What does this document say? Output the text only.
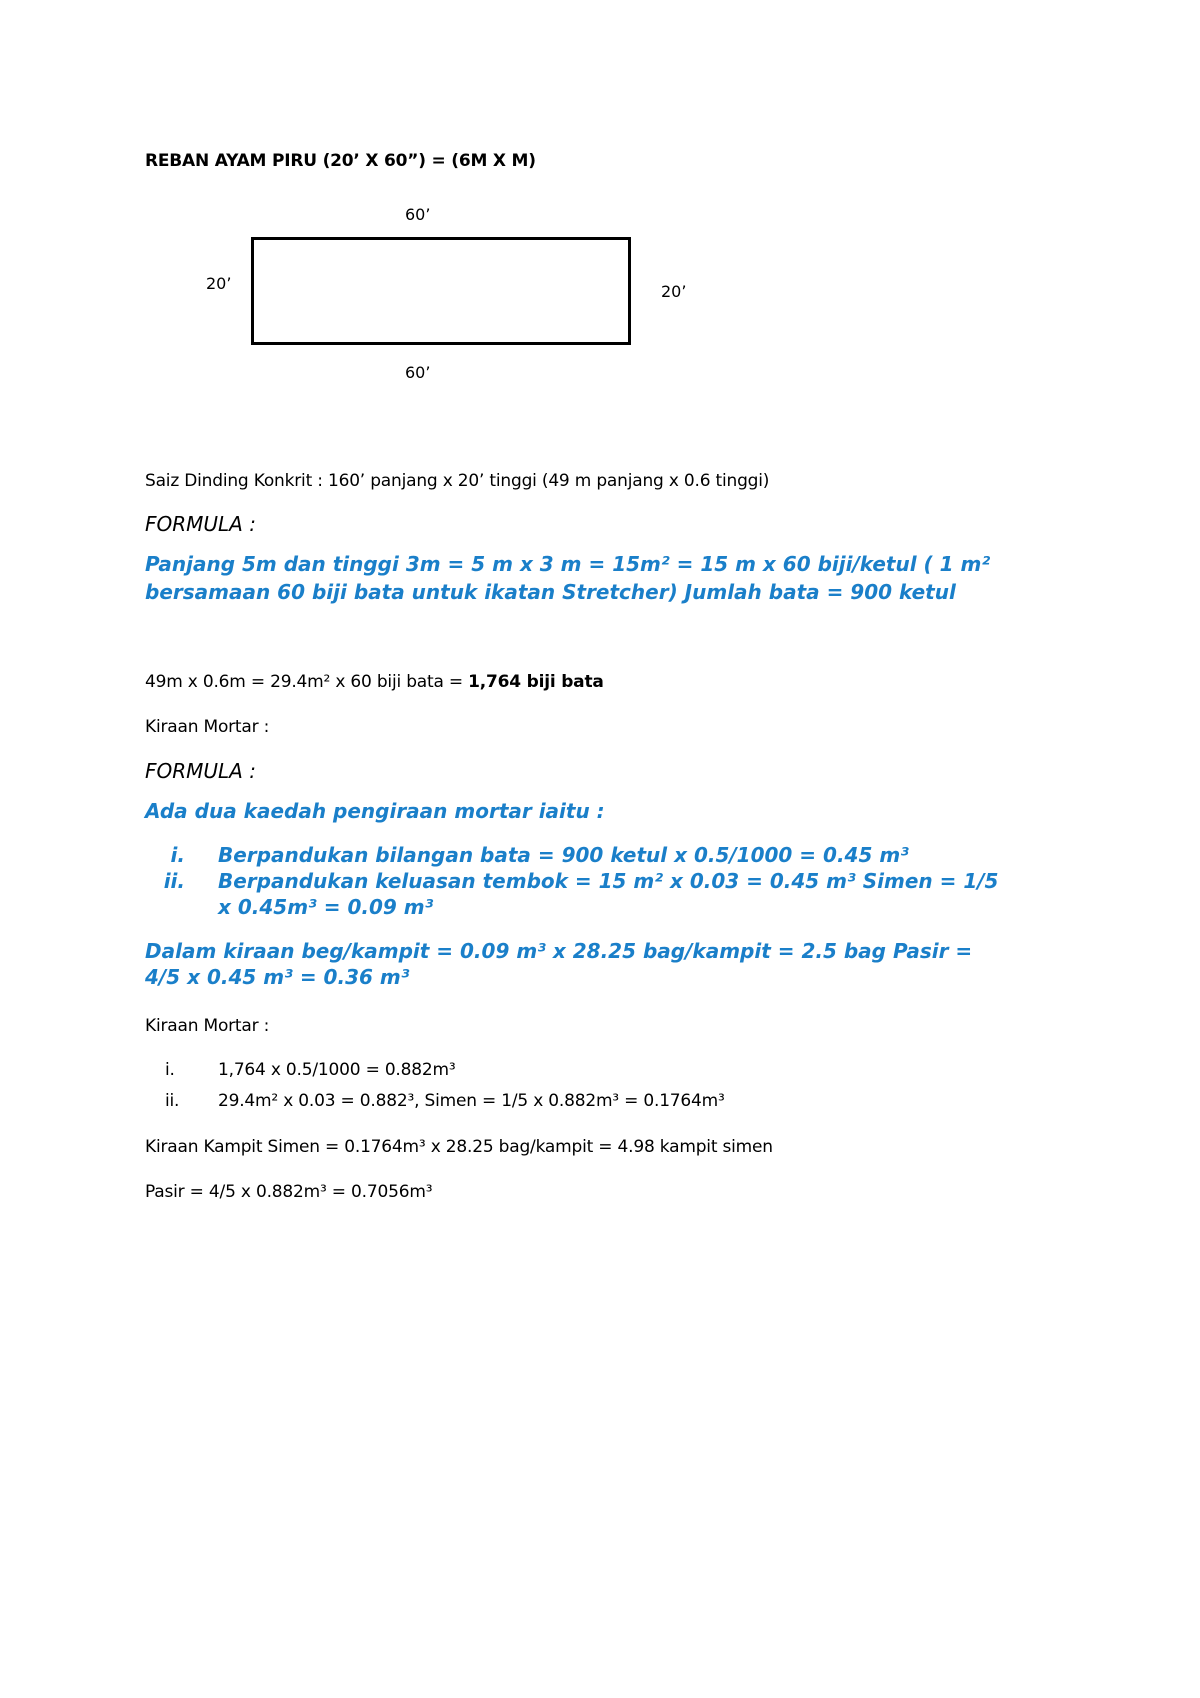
REBAN AYAM PIRU (20’ X 60”) = (6M X M)
60’
20’	20’
60’
Saiz Dinding Konkrit : 160’ panjang x 20’ tinggi (49 m panjang x 0.6 tinggi)
FORMULA :
Panjang 5m dan tinggi 3m = 5 m x 3 m = 15m² = 15 m x 60 biji/ketul ( 1 m²
bersamaan 60 biji bata untuk ikatan Stretcher) Jumlah bata = 900 ketul
49m x 0.6m = 29.4m² x 60 biji bata = 1,764 biji bata
Kiraan Mortar :
FORMULA :
Ada dua kaedah pengiraan mortar iaitu :
i. Berpandukan bilangan bata = 900 ketul x 0.5/1000 = 0.45 m³
ii. Berpandukan keluasan tembok = 15 m² x 0.03 = 0.45 m³ Simen = 1/5
x 0.45m³ = 0.09 m³
Dalam kiraan beg/kampit = 0.09 m³ x 28.25 bag/kampit = 2.5 bag Pasir =
4/5 x 0.45 m³ = 0.36 m³
Kiraan Mortar :
i.	1,764 x 0.5/1000 = 0.882m³
ii. 29.4m² x 0.03 = 0.882³, Simen = 1/5 x 0.882m³ = 0.1764m³
Kiraan Kampit Simen = 0.1764m³ x 28.25 bag/kampit = 4.98 kampit simen
Pasir = 4/5 x 0.882m³ = 0.7056m³
